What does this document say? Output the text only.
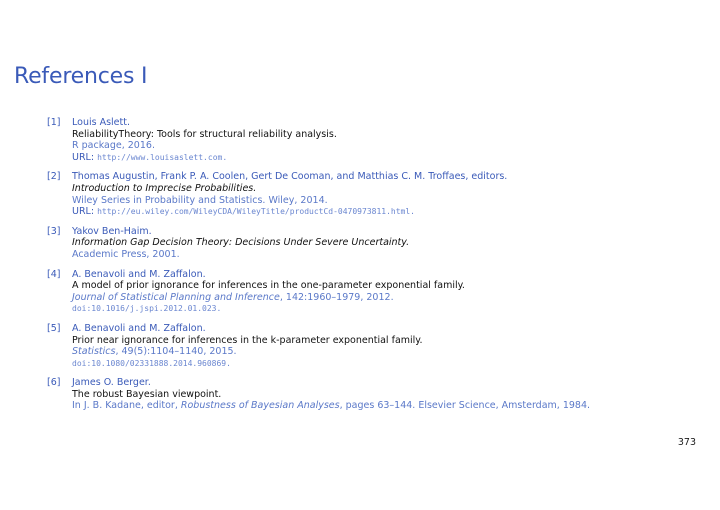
References I
[1] Louis Aslett.
ReliabilityTheory: Tools for structural reliability analysis.
R package, 2016.
URL: http://www.louisaslett.com.
[2] Thomas Augustin, Frank P. A. Coolen, Gert De Cooman, and Matthias C. M. Troffaes, editors.
Introduction to Imprecise Probabilities.
Wiley Series in Probability and Statistics. Wiley, 2014.
URL: http://eu.wiley.com/WileyCDA/WileyTitle/productCd-0470973811.html.
[3] Yakov Ben-Haim.
Information Gap Decision Theory: Decisions Under Severe Uncertainty.
Academic Press, 2001.
[4] A. Benavoli and M. Zaffalon.
A model of prior ignorance for inferences in the one-parameter exponential family.
Journal of Statistical Planning and Inference, 142:1960–1979, 2012.
doi:10.1016/j.jspi.2012.01.023.
[5] A. Benavoli and M. Zaffalon.
Prior near ignorance for inferences in the k-parameter exponential family.
Statistics, 49(5):1104–1140, 2015.
doi:10.1080/02331888.2014.960869.
[6] James O. Berger.
The robust Bayesian viewpoint.
In J. B. Kadane, editor, Robustness of Bayesian Analyses, pages 63–144. Elsevier Science, Amsterdam, 1984.
373
